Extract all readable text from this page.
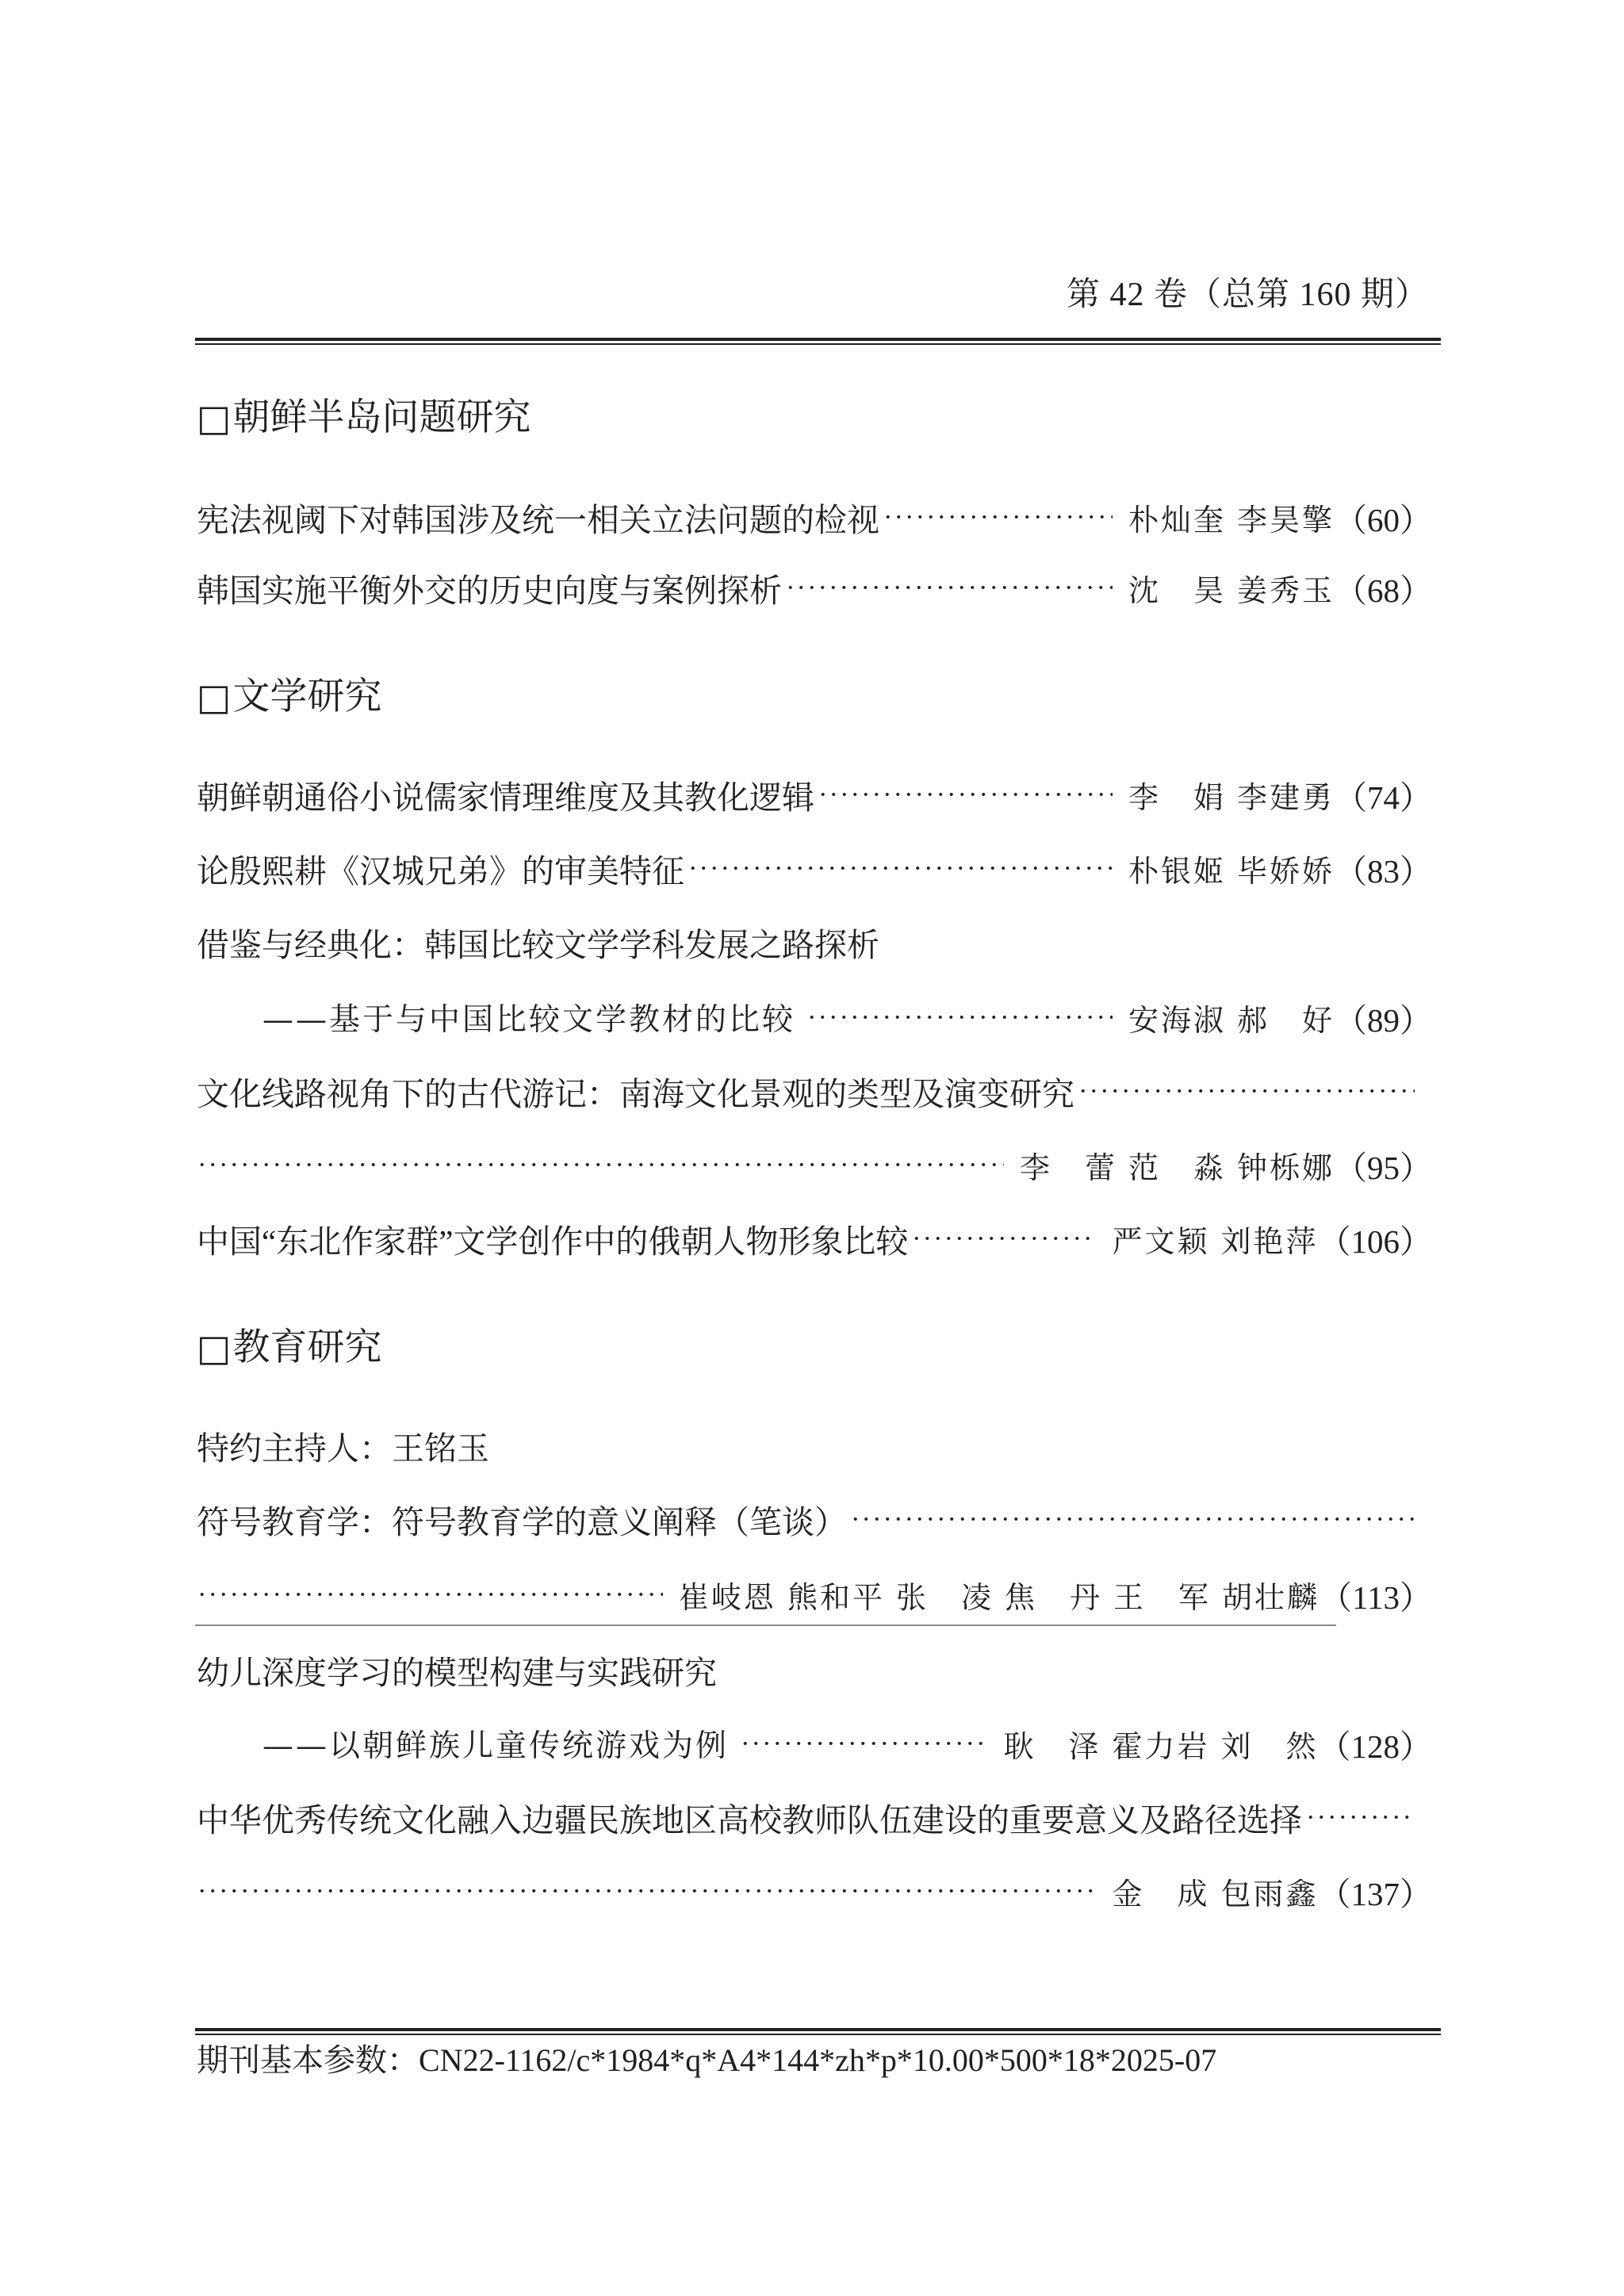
第 42 卷（总第 160 期）
□ 朝鲜半岛问题研究
宪法视阈下对韩国涉及统一相关立法问题的检视	朴灿奎 李昊擎 （60）
韩国实施平衡外交的历史向度与案例探析	沈　昊 姜秀玉 （68）
□ 文学研究
朝鲜朝通俗小说儒家情理维度及其教化逻辑	李　娟 李建勇 （74）
论殷熙耕《汉城兄弟》的审美特征	朴银姬 毕娇娇 （83）
借鉴与经典化：韩国比较文学学科发展之路探析
——基于与中国比较文学教材的比较	安海淑 郝　好 （89）
文化线路视角下的古代游记：南海文化景观的类型及演变研究
李　蕾 范　淼 钟栎娜 （95）
中国“东北作家群”文学创作中的俄朝人物形象比较	严文颖 刘艳萍 （106）
□ 教育研究
特约主持人：王铭玉
符号教育学：符号教育学的意义阐释（笔谈）
崔岐恩 熊和平 张　凌 焦　丹 王　军 胡壮麟 （113）
幼儿深度学习的模型构建与实践研究
——以朝鲜族儿童传统游戏为例	耿　泽 霍力岩 刘　然 （128）
中华优秀传统文化融入边疆民族地区高校教师队伍建设的重要意义及路径选择
金　成 包雨鑫 （137）
期刊基本参数：CN22-1162/c*1984*q*A4*144*zh*p*10.00*500*18*2025-07
